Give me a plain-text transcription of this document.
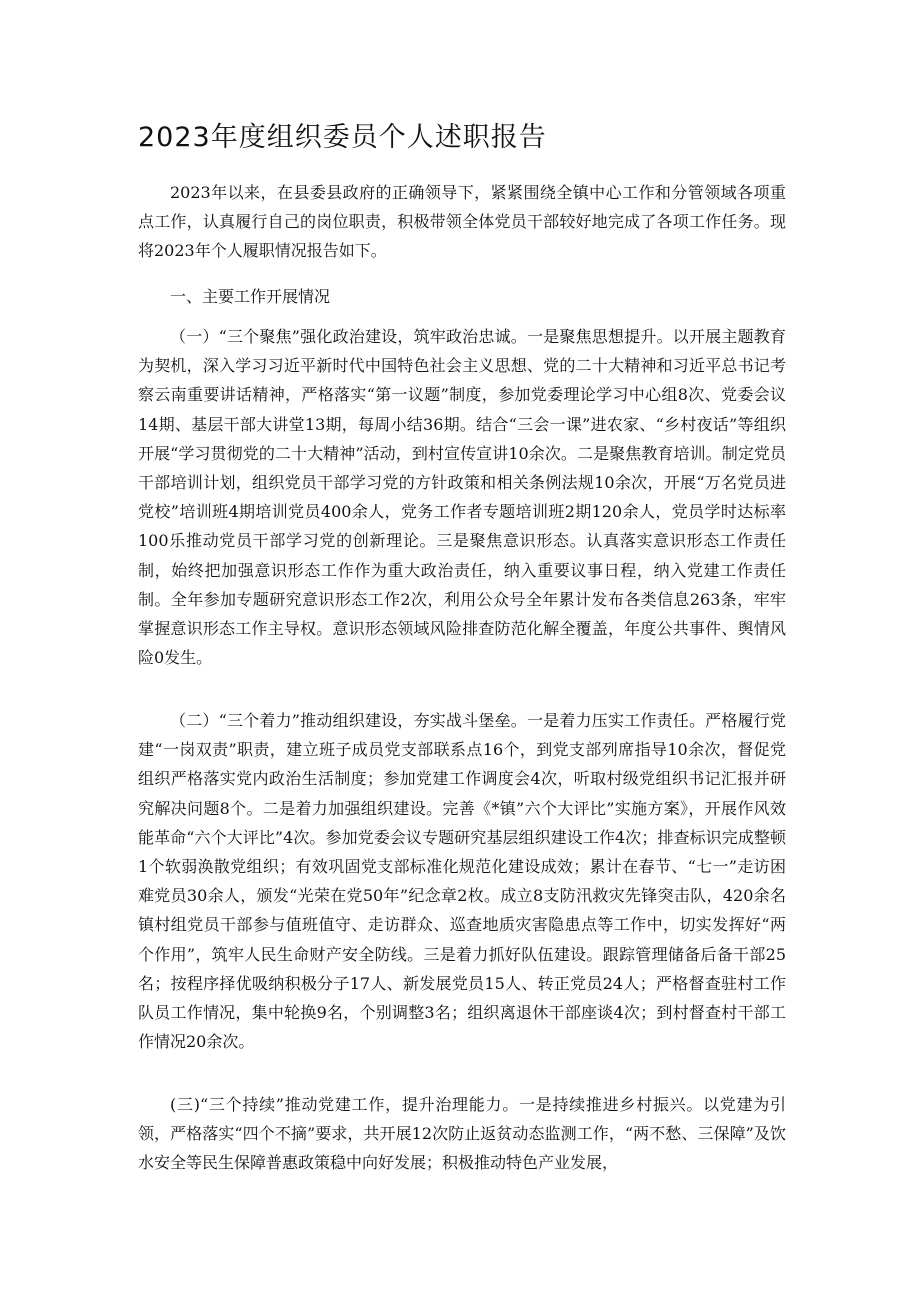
2023年度组织委员个人述职报告

2023年以来，在县委县政府的正确领导下，紧紧围绕全镇中心工作和分管领域各项重点工作，认真履行自己的岗位职责，积极带领全体党员干部较好地完成了各项工作任务。现将2023年个人履职情况报告如下。

一、主要工作开展情况

（一）“三个聚焦”强化政治建设，筑牢政治忠诚。一是聚焦思想提升。以开展主题教育为契机，深入学习习近平新时代中国特色社会主义思想、党的二十大精神和习近平总书记考察云南重要讲话精神，严格落实“第一议题”制度，参加党委理论学习中心组8次、党委会议14期、基层干部大讲堂13期，每周小结36期。结合“三会一课”进农家、“乡村夜话”等组织开展“学习贯彻党的二十大精神”活动，到村宣传宣讲10余次。二是聚焦教育培训。制定党员干部培训计划，组织党员干部学习党的方针政策和相关条例法规10余次，开展“万名党员进党校”培训班4期培训党员400余人，党务工作者专题培训班2期120余人，党员学时达标率100乐推动党员干部学习党的创新理论。三是聚焦意识形态。认真落实意识形态工作责任制，始终把加强意识形态工作作为重大政治责任，纳入重要议事日程，纳入党建工作责任制。全年参加专题研究意识形态工作2次，利用公众号全年累计发布各类信息263条，牢牢掌握意识形态工作主导权。意识形态领域风险排查防范化解全覆盖，年度公共事件、舆情风险0发生。

（二）“三个着力”推动组织建设，夯实战斗堡垒。一是着力压实工作责任。严格履行党建“一岗双责”职责，建立班子成员党支部联系点16个，到党支部列席指导10余次，督促党组织严格落实党内政治生活制度；参加党建工作调度会4次，听取村级党组织书记汇报并研究解决问题8个。二是着力加强组织建设。完善《*镇”六个大评比”实施方案》，开展作风效能革命“六个大评比”4次。参加党委会议专题研究基层组织建设工作4次；排查标识完成整顿1个软弱涣散党组织；有效巩固党支部标准化规范化建设成效；累计在春节、“七一”走访困难党员30余人，颁发“光荣在党50年”纪念章2枚。成立8支防汛救灾先锋突击队，420余名镇村组党员干部参与值班值守、走访群众、巡查地质灾害隐患点等工作中，切实发挥好“两个作用”，筑牢人民生命财产安全防线。三是着力抓好队伍建设。跟踪管理储备后备干部25名；按程序择优吸纳积极分子17人、新发展党员15人、转正党员24人；严格督查驻村工作队员工作情况，集中轮换9名，个别调整3名；组织离退休干部座谈4次；到村督查村干部工作情况20余次。

(三)“三个持续”推动党建工作，提升治理能力。一是持续推进乡村振兴。以党建为引领，严格落实“四个不摘”要求，共开展12次防止返贫动态监测工作，“两不愁、三保障”及饮水安全等民生保障普惠政策稳中向好发展；积极推动特色产业发展，
